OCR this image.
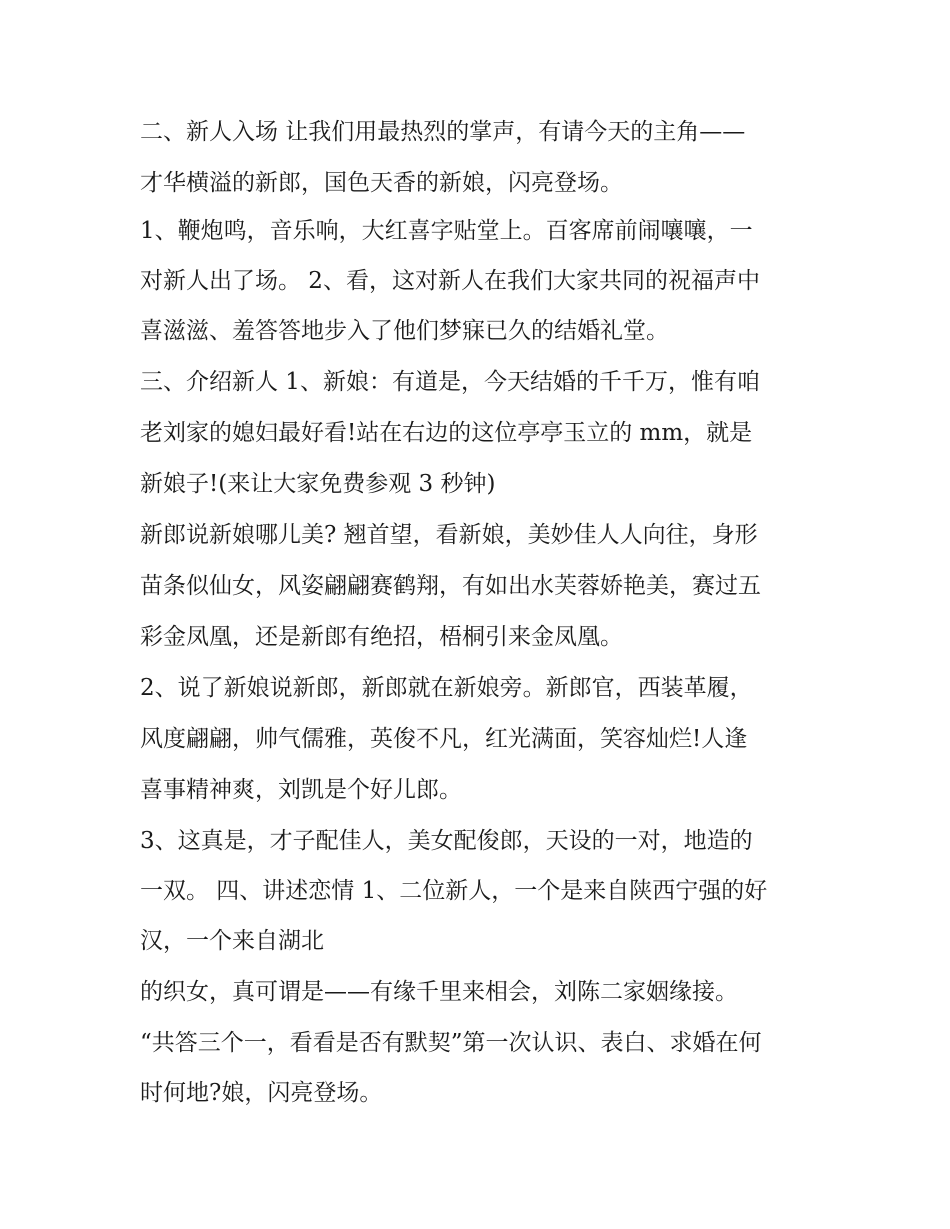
二、新人入场 让我们用最热烈的掌声，有请今天的主角——
才华横溢的新郎，国色天香的新娘，闪亮登场。
1、鞭炮鸣，音乐响，大红喜字贴堂上。百客席前闹嚷嚷，一
对新人出了场。 2、看，这对新人在我们大家共同的祝福声中
喜滋滋、羞答答地步入了他们梦寐已久的结婚礼堂。
三、介绍新人 1、新娘：有道是，今天结婚的千千万，惟有咱
老刘家的媳妇最好看!站在右边的这位亭亭玉立的 mm，就是
新娘子!(来让大家免费参观 3 秒钟)
新郎说新娘哪儿美? 翘首望，看新娘，美妙佳人人向往，身形
苗条似仙女，风姿翩翩赛鹤翔，有如出水芙蓉娇艳美，赛过五
彩金凤凰，还是新郎有绝招，梧桐引来金凤凰。
2、说了新娘说新郎，新郎就在新娘旁。新郎官，西装革履，
风度翩翩，帅气儒雅，英俊不凡，红光满面，笑容灿烂!人逢
喜事精神爽，刘凯是个好儿郎。
3、这真是，才子配佳人，美女配俊郎，天设的一对，地造的
一双。 四、讲述恋情 1、二位新人，一个是来自陕西宁强的好
汉，一个来自湖北
的织女，真可谓是——有缘千里来相会，刘陈二家姻缘接。
“共答三个一，看看是否有默契”第一次认识、表白、求婚在何
时何地?娘，闪亮登场。
